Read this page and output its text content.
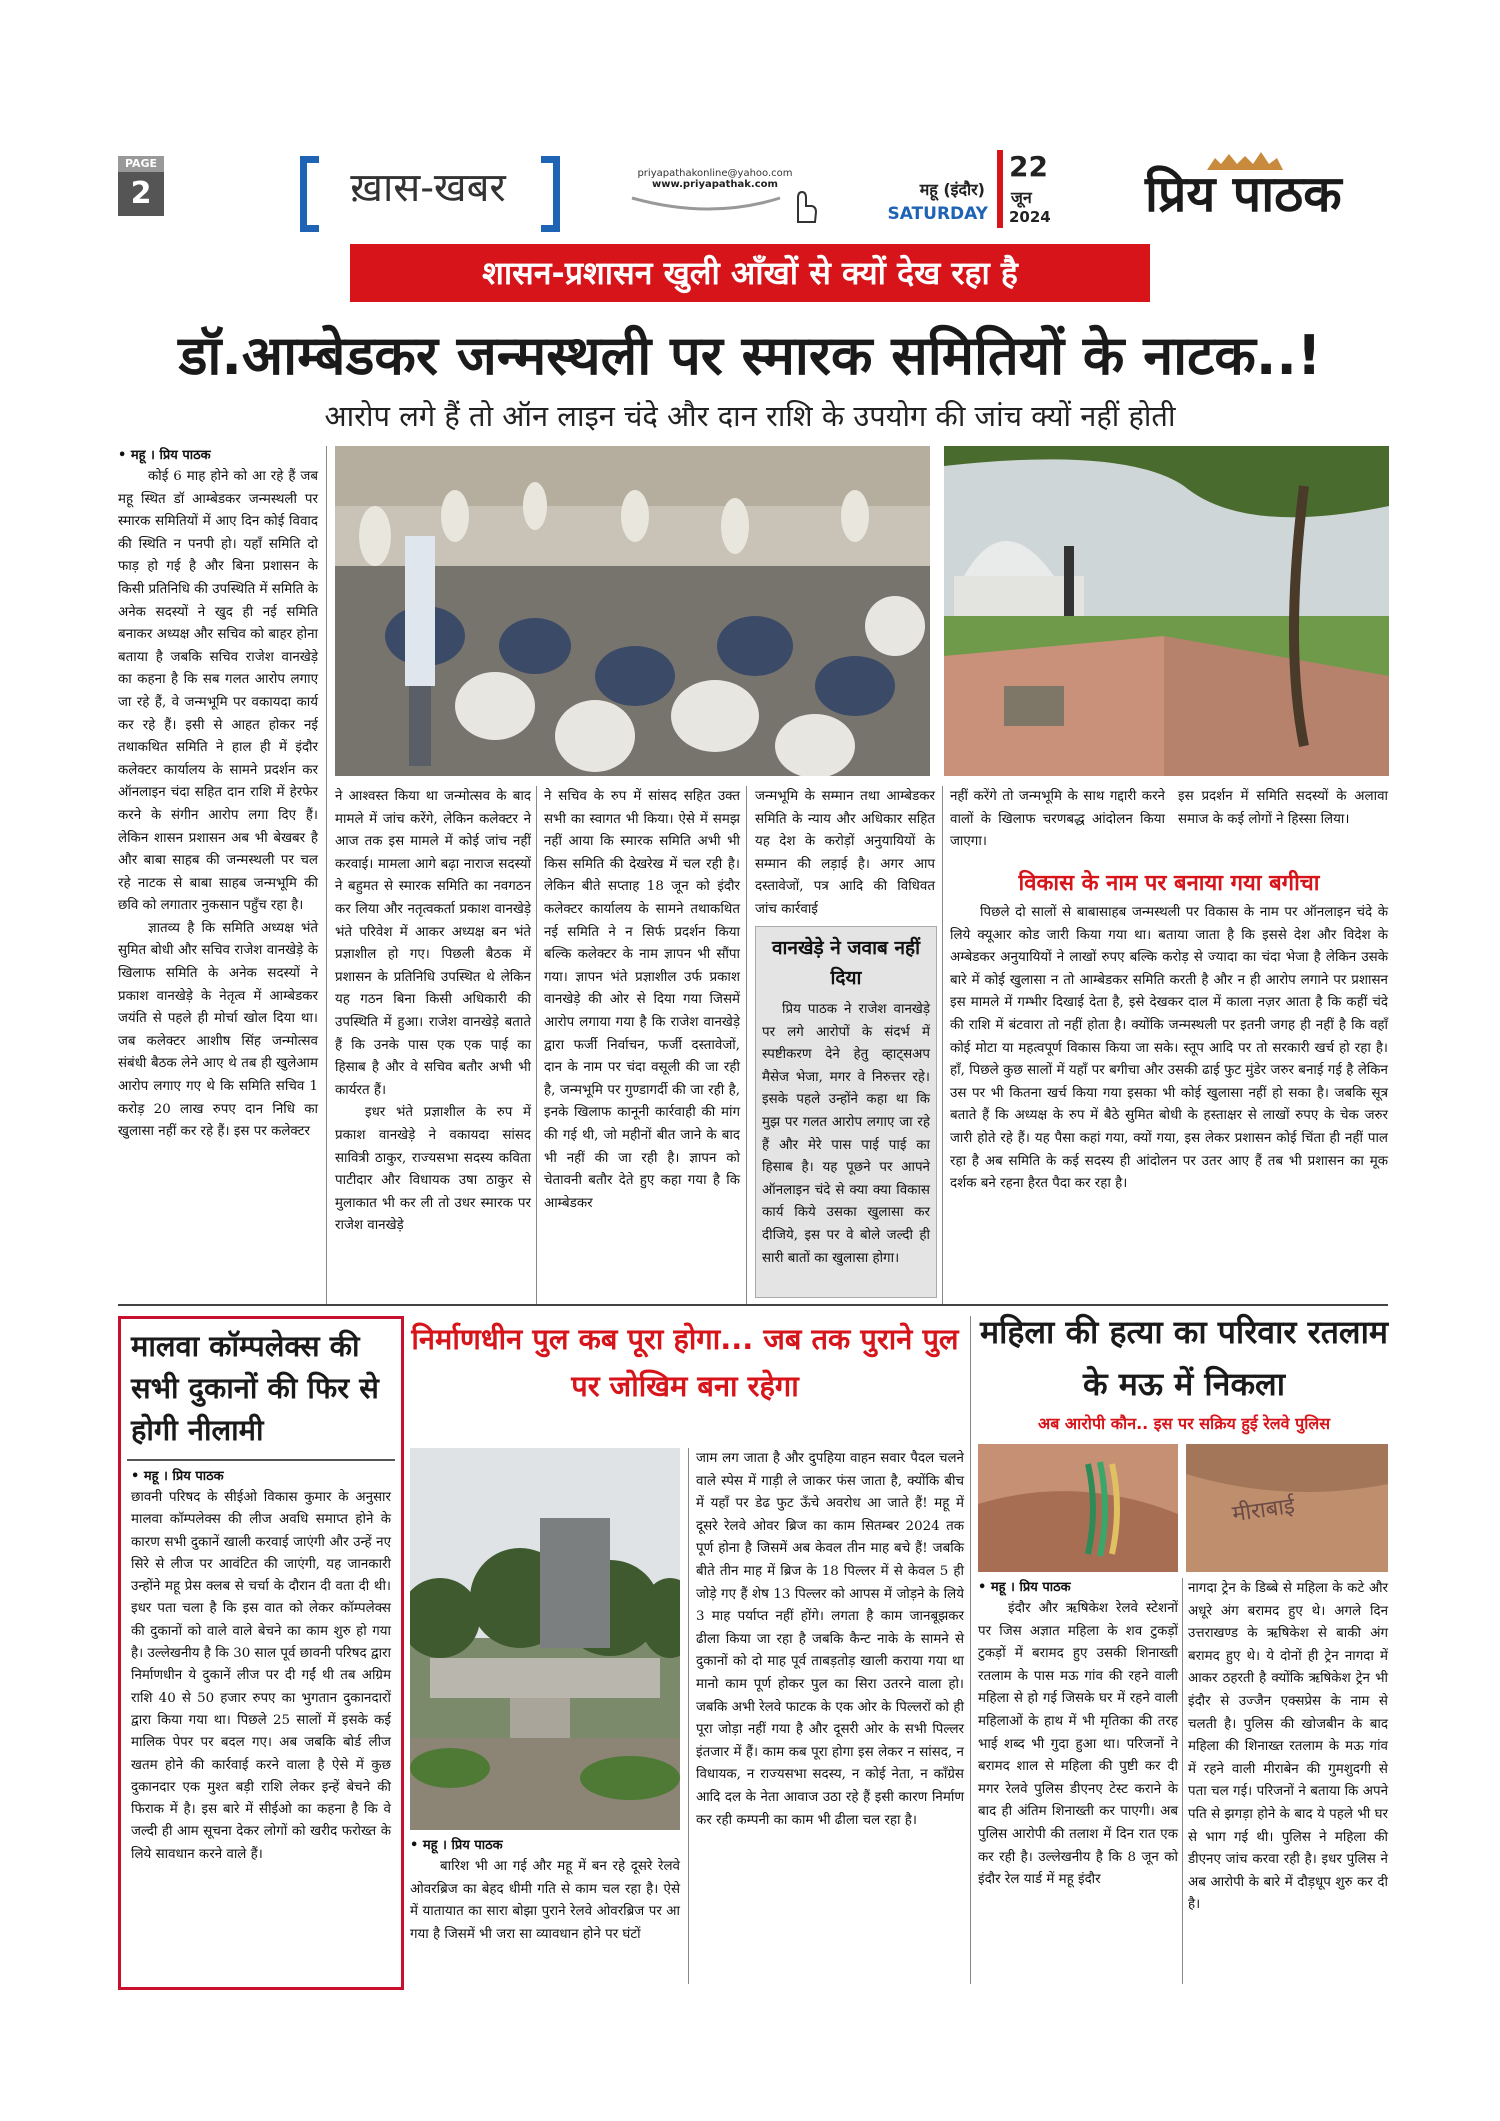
PAGE
2	ख़ास-खबर	priyapathakonline@yahoo.com
www.priyapathak.com	महू (इंदौर)
SATURDAY
22
जून
2024 प्रिय पाठक
शासन-प्रशासन खुली आँखों से क्यों देख रहा है
डॉ.आम्बेडकर जन्मस्थली पर स्मारक समितियों के नाटक..!
आरोप लगे हैं तो ऑन लाइन चंदे और दान राशि के उपयोग की जांच क्यों नहीं होती

• महू । प्रिय पाठक

कोई 6 माह होने को आ रहे हैं जब महू स्थित डॉ आम्बेडकर जन्मस्थली पर स्मारक समितियों में आए दिन कोई विवाद की स्थिति न पनपी हो। यहाँ समिति दो फाड़ हो गई है और बिना प्रशासन के किसी प्रतिनिधि की उपस्थिति में समिति के अनेक सदस्यों ने खुद ही नई समिति बनाकर अध्यक्ष और सचिव को बाहर होना बताया है जबकि सचिव राजेश वानखेड़े का कहना है कि सब गलत आरोप लगाए जा रहे हैं, वे जन्मभूमि पर वकायदा कार्य कर रहे हैं। इसी से आहत होकर नई तथाकथित समिति ने हाल ही में इंदौर कलेक्टर कार्यालय के सामने प्रदर्शन कर ऑनलाइन चंदा सहित दान राशि में हेरफेर करने के संगीन आरोप लगा दिए हैं। लेकिन शासन प्रशासन अब भी बेखबर है और बाबा साहब की जन्मस्थली पर चल रहे नाटक से बाबा साहब जन्मभूमि की छवि को लगातार नुकसान पहुँच रहा है।

ज्ञातव्य है कि समिति अध्यक्ष भंते सुमित बोधी और सचिव राजेश वानखेड़े के खिलाफ समिति के अनेक सदस्यों ने प्रकाश वानखेड़े के नेतृत्व में आम्बेडकर जयंति से पहले ही मोर्चा खोल दिया था। जब कलेक्टर आशीष सिंह जन्मोत्सव संबंधी बैठक लेने आए थे तब ही खुलेआम आरोप लगाए गए थे कि समिति सचिव 1 करोड़ 20 लाख रुपए दान निधि का खुलासा नहीं कर रहे हैं। इस पर कलेक्टर

ने आश्वस्त किया था जन्मोत्सव के बाद मामले में जांच करेंगे, लेकिन कलेक्टर ने आज तक इस मामले में कोई जांच नहीं करवाई। मामला आगे बढ़ा नाराज सदस्यों ने बहुमत से स्मारक समिति का नवगठन कर लिया और नतृत्वकर्ता प्रकाश वानखेड़े भंते परिवेश में आकर अध्यक्ष बन भंते प्रज्ञाशील हो गए। पिछली बैठक में प्रशासन के प्रतिनिधि उपस्थित थे लेकिन यह गठन बिना किसी अधिकारी की उपस्थिति में हुआ। राजेश वानखेड़े बताते हैं कि उनके पास एक एक पाई का हिसाब है और वे सचिव बतौर अभी भी कार्यरत हैं।

इधर भंते प्रज्ञाशील के रुप में प्रकाश वानखेड़े ने वकायदा सांसद सावित्री ठाकुर, राज्यसभा सदस्य कविता पाटीदार और विधायक उषा ठाकुर से मुलाकात भी कर ली तो उधर स्मारक पर राजेश वानखेड़े

ने सचिव के रुप में सांसद सहित उक्त सभी का स्वागत भी किया। ऐसे में समझ नहीं आया कि स्मारक समिति अभी भी किस समिति की देखरेख में चल रही है। लेकिन बीते सप्ताह 18 जून को इंदौर कलेक्टर कार्यालय के सामने तथाकथित नई समिति ने न सिर्फ प्रदर्शन किया बल्कि कलेक्टर के नाम ज्ञापन भी सौंपा गया। ज्ञापन भंते प्रज्ञाशील उर्फ प्रकाश वानखेड़े की ओर से दिया गया जिसमें आरोप लगाया गया है कि राजेश वानखेड़े द्वारा फर्जी निर्वाचन, फर्जी दस्तावेजों, दान के नाम पर चंदा वसूली की जा रही है, जन्मभूमि पर गुण्डागर्दी की जा रही है, इनके खिलाफ कानूनी कार्रवाही की मांग की गई थी, जो महीनों बीत जाने के बाद भी नहीं की जा रही है। ज्ञापन को चेतावनी बतौर देते हुए कहा गया है कि आम्बेडकर

जन्मभूमि के सम्मान तथा आम्बेडकर समिति के न्याय और अधिकार सहित यह देश के करोड़ों अनुयायियों के सम्मान की लड़ाई है। अगर आप दस्तावेजों, पत्र आदि की विधिवत जांच कार्रवाई

वानखेड़े ने जवाब नहीं दिया

प्रिय पाठक ने राजेश वानखेड़े पर लगे आरोपों के संदर्भ में स्पष्टीकरण देने हेतु व्हाट्सअप मैसेज भेजा, मगर वे निरुत्तर रहे। इसके पहले उन्होंने कहा था कि मुझ पर गलत आरोप लगाए जा रहे हैं और मेरे पास पाई पाई का हिसाब है। यह पूछने पर आपने ऑनलाइन चंदे से क्या क्या विकास कार्य किये उसका खुलासा कर दीजिये, इस पर वे बोले जल्दी ही सारी बातों का खुलासा होगा।

नहीं करेंगे तो जन्मभूमि के साथ गद्दारी करने वालों के खिलाफ चरणबद्ध आंदोलन किया जाएगा।

इस प्रदर्शन में समिति सदस्यों के अलावा समाज के कई लोगों ने हिस्सा लिया।

विकास के नाम पर बनाया गया बगीचा

पिछले दो सालों से बाबासाहब जन्मस्थली पर विकास के नाम पर ऑनलाइन चंदे के लिये क्यूआर कोड जारी किया गया था। बताया जाता है कि इससे देश और विदेश के अम्बेडकर अनुयायियों ने लाखों रुपए बल्कि करोड़ से ज्यादा का चंदा भेजा है लेकिन उसके बारे में कोई खुलासा न तो आम्बेडकर समिति करती है और न ही आरोप लगाने पर प्रशासन इस मामले में गम्भीर दिखाई देता है, इसे देखकर दाल में काला नज़र आता है कि कहीं चंदे की राशि में बंटवारा तो नहीं होता है। क्योंकि जन्मस्थली पर इतनी जगह ही नहीं है कि वहाँ कोई मोटा या महत्वपूर्ण विकास किया जा सके। स्तूप आदि पर तो सरकारी खर्च हो रहा है। हाँ, पिछले कुछ सालों में यहाँ पर बगीचा और उसकी ढाई फुट मुंडेर जरुर बनाई गई है लेकिन उस पर भी कितना खर्च किया गया इसका भी कोई खुलासा नहीं हो सका है। जबकि सूत्र बताते हैं कि अध्यक्ष के रुप में बैठे सुमित बोधी के हस्ताक्षर से लाखों रुपए के चेक जरुर जारी होते रहे हैं। यह पैसा कहां गया, क्यों गया, इस लेकर प्रशासन कोई चिंता ही नहीं पाल रहा है अब समिति के कई सदस्य ही आंदोलन पर उतर आए हैं तब भी प्रशासन का मूक दर्शक बने रहना हैरत पैदा कर रहा है।

मालवा कॉम्पलेक्स की सभी दुकानों की फिर से होगी नीलामी

• महू । प्रिय पाठक

छावनी परिषद के सीईओ विकास कुमार के अनुसार मालवा कॉम्पलेक्स की लीज अवधि समाप्त होने के कारण सभी दुकानें खाली करवाई जाएंगी और उन्हें नए सिरे से लीज पर आवंटित की जाएंगी, यह जानकारी उन्होंने महू प्रेस क्लब से चर्चा के दौरान दी वता दी थी। इधर पता चला है कि इस वात को लेकर कॉम्पलेक्स की दुकानों को वाले वाले बेचने का काम शुरु हो गया है। उल्लेखनीय है कि 30 साल पूर्व छावनी परिषद द्वारा निर्माणधीन ये दुकानें लीज पर दी गईं थी तब अग्रिम राशि 40 से 50 हजार रुपए का भुगतान दुकानदारों द्वारा किया गया था। पिछले 25 सालों में इसके कई मालिक पेपर पर बदल गए। अब जबकि बोर्ड लीज खतम होने की कार्रवाई करने वाला है ऐसे में कुछ दुकानदार एक मुश्त बड़ी राशि लेकर इन्हें बेचने की फिराक में है। इस बारे में सीईओ का कहना है कि वे जल्दी ही आम सूचना देकर लोगों को खरीद फरोख्त के लिये सावधान करने वाले हैं।

निर्माणधीन पुल कब पूरा होगा... जब तक पुराने पुल पर जोखिम बना रहेगा

• महू । प्रिय पाठक

बारिश भी आ गई और महू में बन रहे दूसरे रेलवे ओवरब्रिज का बेहद धीमी गति से काम चल रहा है। ऐसे में यातायात का सारा बोझा पुराने रेलवे ओवरब्रिज पर आ गया है जिसमें भी जरा सा व्यावधान होने पर घंटों

जाम लग जाता है और दुपहिया वाहन सवार पैदल चलने वाले स्पेस में गाड़ी ले जाकर फंस जाता है, क्योंकि बीच में यहाँ पर डेढ फुट ऊँचे अवरोध आ जाते हैं! महू में दूसरे रेलवे ओवर ब्रिज का काम सितम्बर 2024 तक पूर्ण होना है जिसमें अब केवल तीन माह बचे हैं! जबकि बीते तीन माह में ब्रिज के 18 पिल्लर में से केवल 5 ही जोड़े गए हैं शेष 13 पिल्लर को आपस में जोड़ने के लिये 3 माह पर्याप्त नहीं होंगे। लगता है काम जानबूझकर ढीला किया जा रहा है जबकि कैन्ट नाके के सामने से दुकानों को दो माह पूर्व ताबड़तोड़ खाली कराया गया था मानो काम पूर्ण होकर पुल का सिरा उतरने वाला हो। जबकि अभी रेलवे फाटक के एक ओर के पिल्लरों को ही पूरा जोड़ा नहीं गया है और दूसरी ओर के सभी पिल्लर इंतजार में हैं। काम कब पूरा होगा इस लेकर न सांसद, न विधायक, न राज्यसभा सदस्य, न कोई नेता, न काँग्रेस आदि दल के नेता आवाज उठा रहे हैं इसी कारण निर्माण कर रही कम्पनी का काम भी ढीला चल रहा है।

महिला की हत्या का परिवार रतलाम के मऊ में निकला
अब आरोपी कौन.. इस पर सक्रिय हुई रेलवे पुलिस
मीराबाई

• महू । प्रिय पाठक

इंदौर और ऋषिकेश रेलवे स्टेशनों पर जिस अज्ञात महिला के शव टुकड़ों टुकड़ों में बरामद हुए उसकी शिनाख्ती रतलाम के पास मऊ गांव की रहने वाली महिला से हो गई जिसके घर में रहने वाली महिलाओं के हाथ में भी मृतिका की तरह भाई शब्द भी गुदा हुआ था। परिजनों ने बरामद शाल से महिला की पुष्टी कर दी मगर रेलवे पुलिस डीएनए टेस्ट कराने के बाद ही अंतिम शिनाख्ती कर पाएगी। अब पुलिस आरोपी की तलाश में दिन रात एक कर रही है। उल्लेखनीय है कि 8 जून को इंदौर रेल यार्ड में महू इंदौर

नागदा ट्रेन के डिब्बे से महिला के कटे और अधूरे अंग बरामद हुए थे। अगले दिन उत्तराखण्ड के ऋषिकेश से बाकी अंग बरामद हुए थे। ये दोनों ही ट्रेन नागदा में आकर ठहरती है क्योंकि ऋषिकेश ट्रेन भी इंदौर से उज्जैन एक्सप्रेस के नाम से चलती है। पुलिस की खोजबीन के बाद महिला की शिनाख्त रतलाम के मऊ गांव में रहने वाली मीराबेन की गुमशुदगी से पता चल गई। परिजनों ने बताया कि अपने पति से झगड़ा होने के बाद ये पहले भी घर से भाग गई थी। पुलिस ने महिला की डीएनए जांच करवा रही है। इधर पुलिस ने अब आरोपी के बारे में दौड़धूप शुरु कर दी है।
